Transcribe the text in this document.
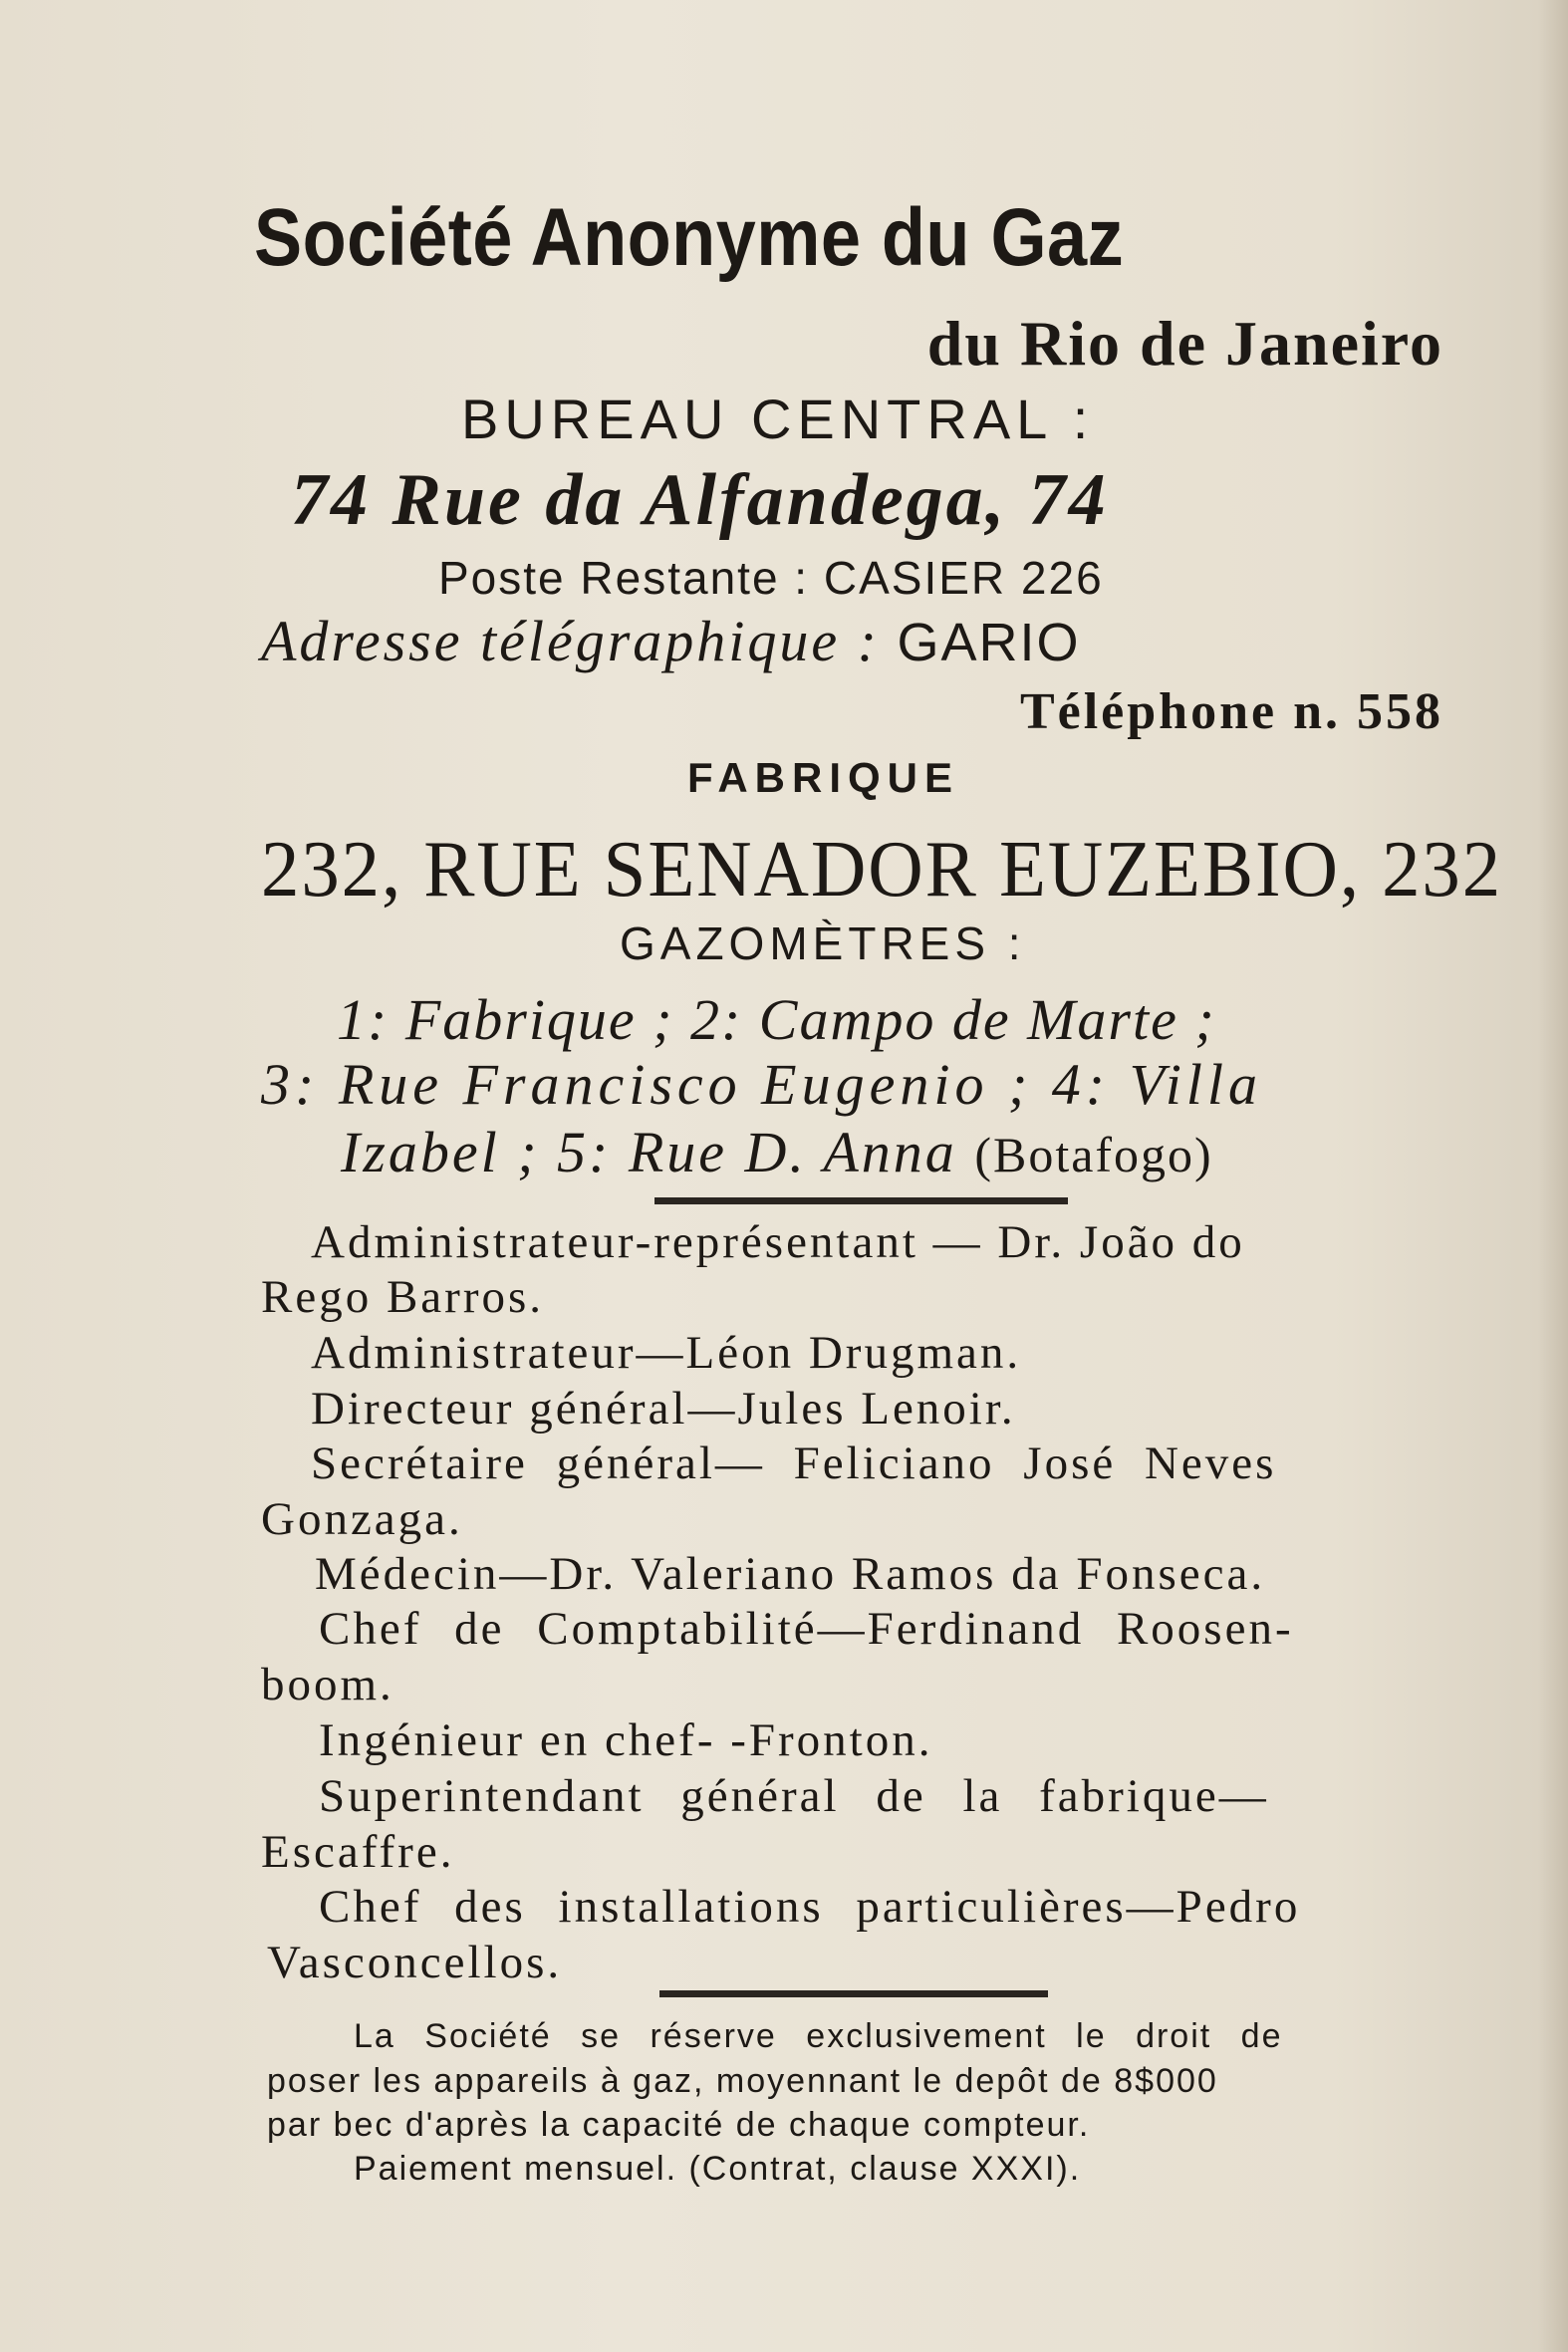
Société Anonyme du Gaz
du Rio de Janeiro
BUREAU CENTRAL :
74 Rue da Alfandega, 74
Poste Restante : CASIER 226
Adresse télégraphique : GARIO
Téléphone n. 558
FABRIQUE
232, RUE SENADOR EUZEBIO, 232
GAZOMÈTRES :
1: Fabrique ; 2: Campo de Marte ;
3: Rue Francisco Eugenio ; 4: Villa
Izabel ; 5: Rue D. Anna (Botafogo)
Administrateur-représentant — Dr. João do
Rego Barros.
Administrateur—Léon Drugman.
Directeur général—Jules Lenoir.
Secrétaire général— Feliciano José Neves
Gonzaga.
Médecin—Dr. Valeriano Ramos da Fonseca.
Chef de Comptabilité—Ferdinand Roosen-
boom.
Ingénieur en chef- -Fronton.
Superintendant général de la fabrique—
Escaffre.
Chef des installations particulières—Pedro
Vasconcellos.
La Société se réserve exclusivement le droit de
poser les appareils à gaz, moyennant le depôt de 8$000
par bec d'après la capacité de chaque compteur.
Paiement mensuel. (Contrat, clause XXXI).
